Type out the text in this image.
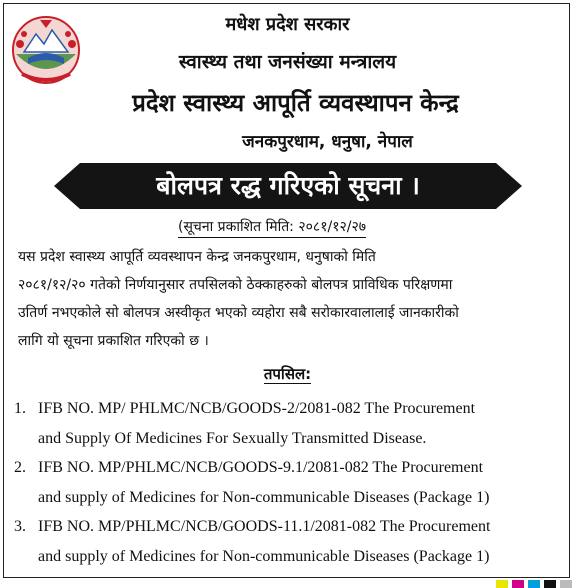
मधेश प्रदेश सरकार
स्वास्थ्य तथा जनसंख्या मन्त्रालय
प्रदेश स्वास्थ्य आपूर्ति व्यवस्थापन केन्द्र
जनकपुरधाम, धनुषा, नेपाल
बोलपत्र रद्ध गरिएको सूचना ।
(सूचना प्रकाशित मिति: २०८१/१२/२७
यस प्रदेश स्वास्थ्य आपूर्ति व्यवस्थापन केन्द्र जनकपुरधाम, धनुषाको मिति
२०८१/१२/२० गतेको निर्णयानुसार तपसिलको ठेक्काहरुको बोलपत्र प्राविधिक परिक्षणमा
उतिर्ण नभएकोले सो बोलपत्र अस्वीकृत भएको व्यहोरा सबै सरोकारवालालाई जानकारीको
लागि यो सूचना प्रकाशित गरिएको छ ।
तपसिल:
1. IFB NO. MP/ PHLMC/NCB/GOODS-2/2081-082 The Procurement
and Supply Of Medicines For Sexually Transmitted Disease.
2. IFB NO. MP/PHLMC/NCB/GOODS-9.1/2081-082 The Procurement
and supply of Medicines for Non-communicable Diseases (Package 1)
3. IFB NO. MP/PHLMC/NCB/GOODS-11.1/2081-082 The Procurement
and supply of Medicines for Non-communicable Diseases (Package 1)
